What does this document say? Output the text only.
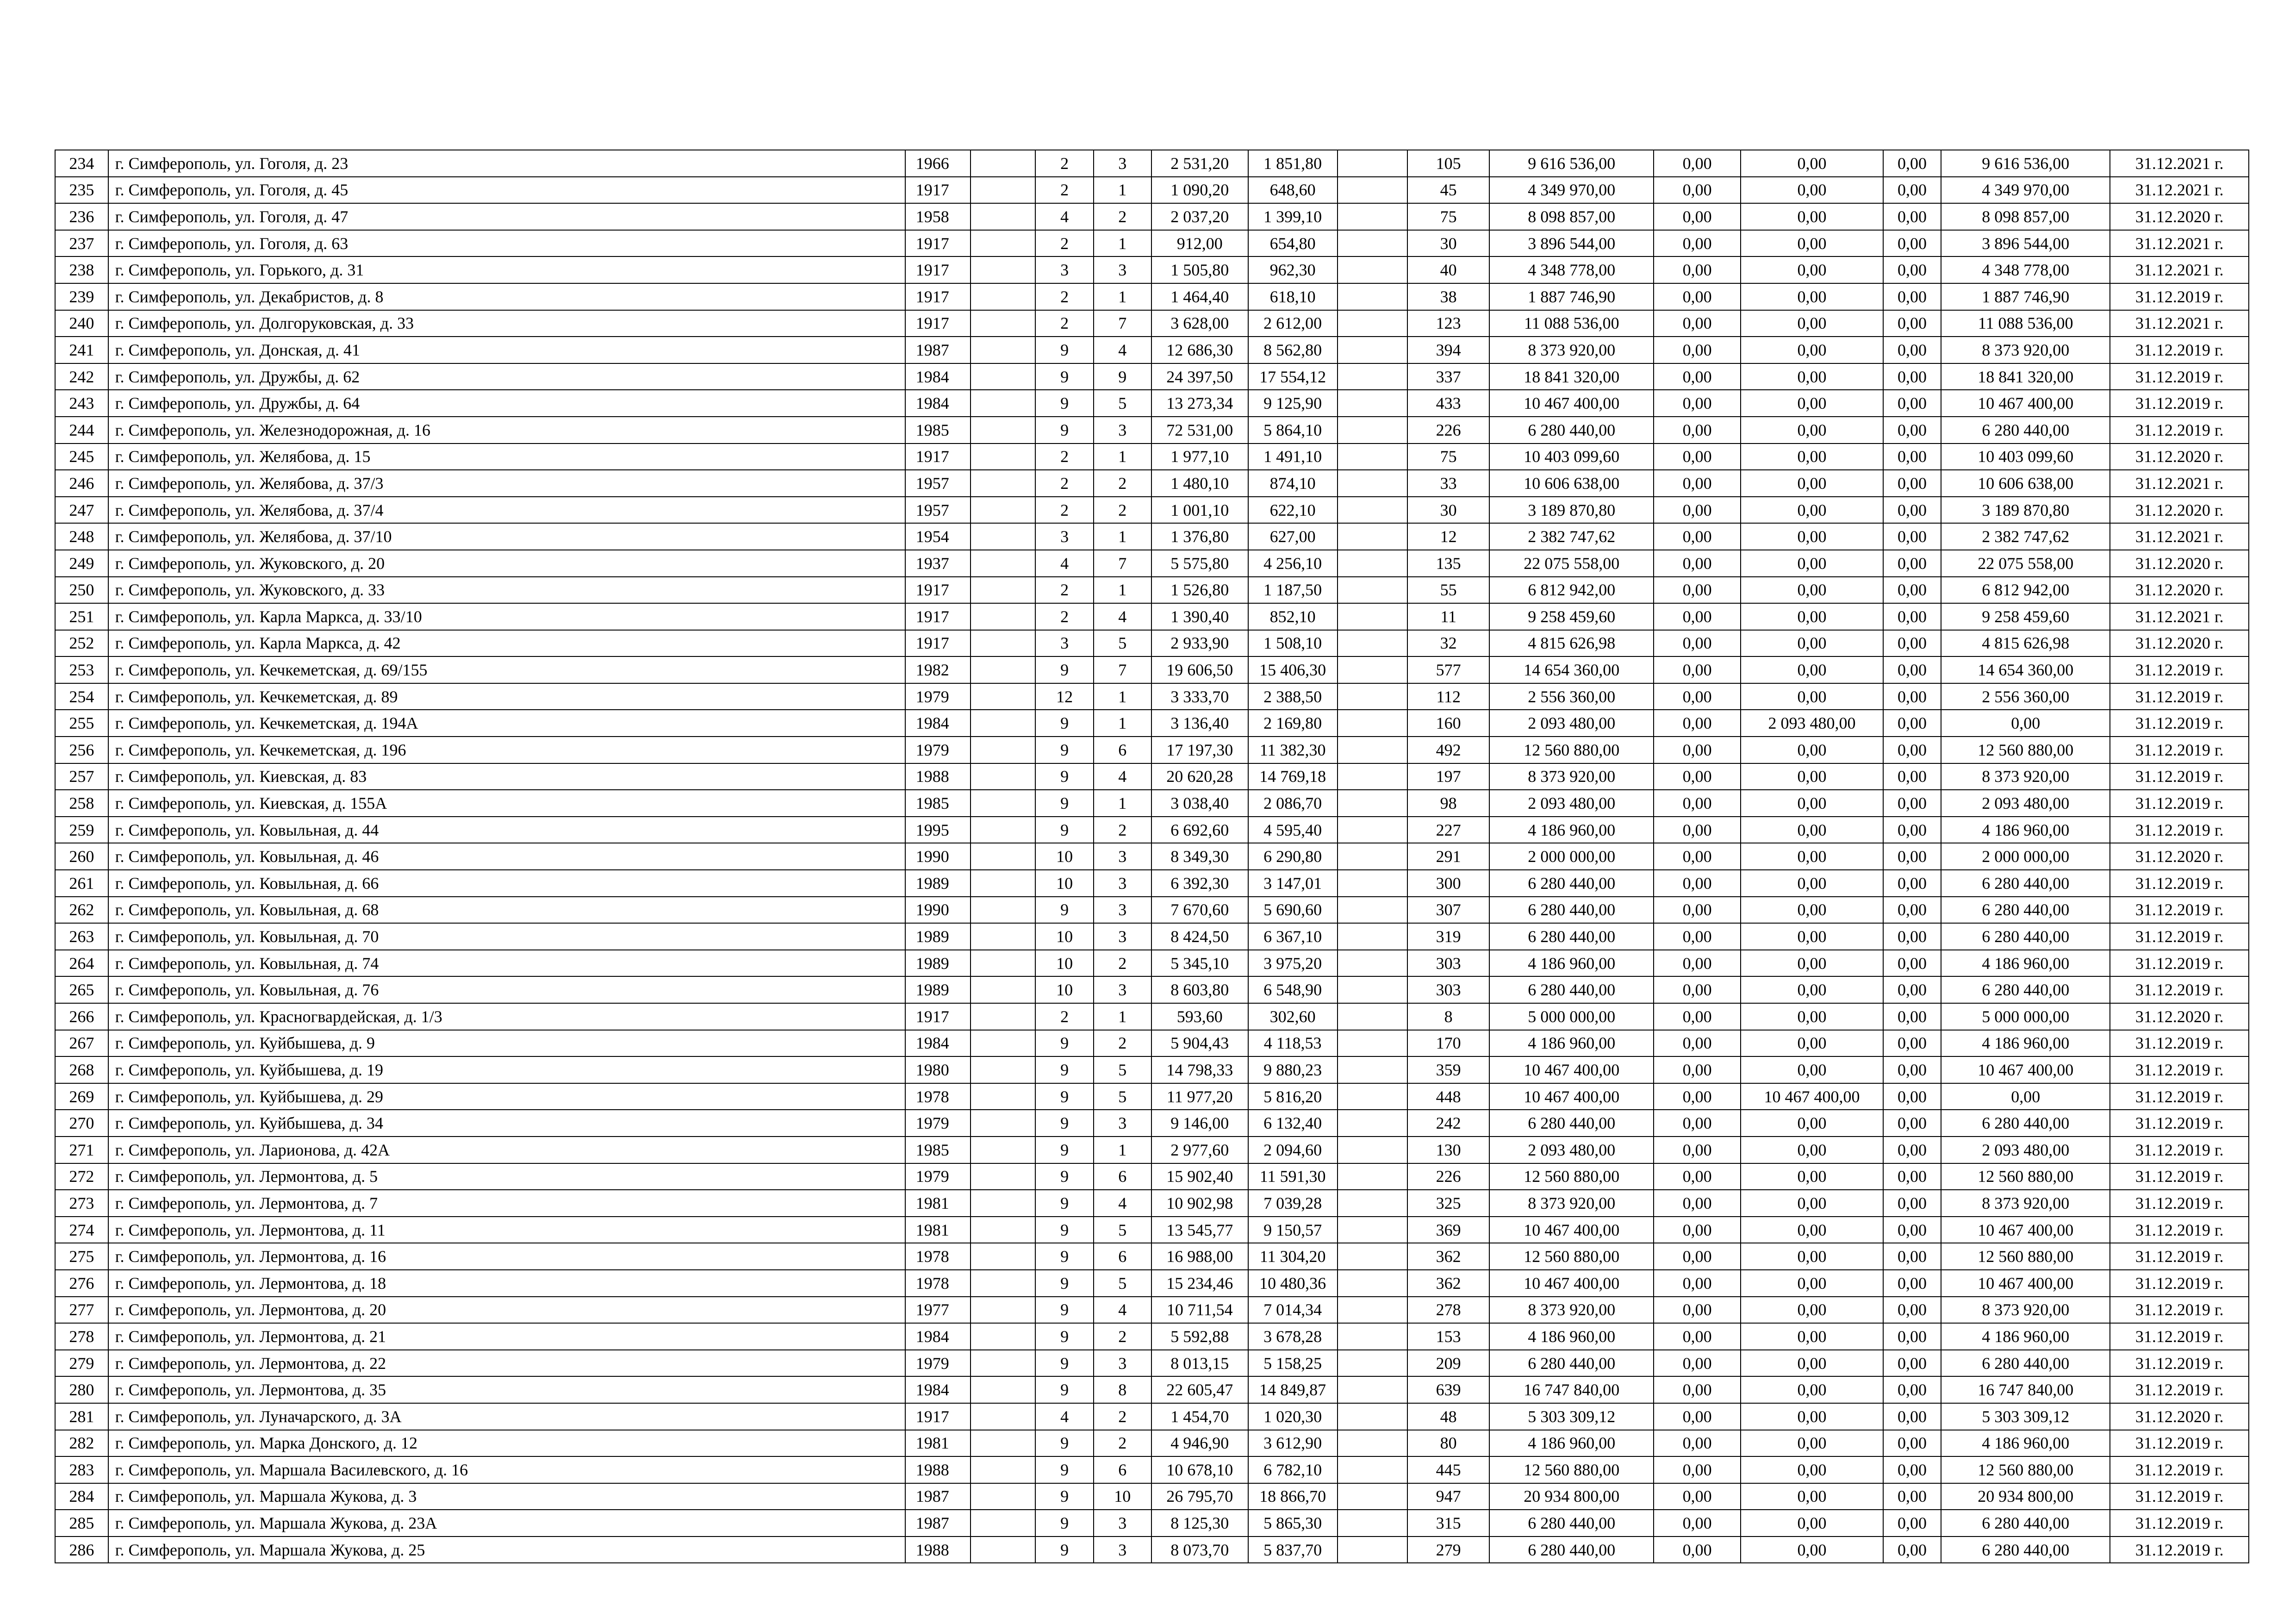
234	г. Симферополь, ул. Гоголя, д. 23	1966		2	3	2 531,20	1 851,80		105	9 616 536,00	0,00	0,00	0,00	9 616 536,00	31.12.2021 г.
235	г. Симферополь, ул. Гоголя, д. 45	1917		2	1	1 090,20	648,60		45	4 349 970,00	0,00	0,00	0,00	4 349 970,00	31.12.2021 г.
236	г. Симферополь, ул. Гоголя, д. 47	1958		4	2	2 037,20	1 399,10		75	8 098 857,00	0,00	0,00	0,00	8 098 857,00	31.12.2020 г.
237	г. Симферополь, ул. Гоголя, д. 63	1917		2	1	912,00	654,80		30	3 896 544,00	0,00	0,00	0,00	3 896 544,00	31.12.2021 г.
238	г. Симферополь, ул. Горького, д. 31	1917		3	3	1 505,80	962,30		40	4 348 778,00	0,00	0,00	0,00	4 348 778,00	31.12.2021 г.
239	г. Симферополь, ул. Декабристов, д. 8	1917		2	1	1 464,40	618,10		38	1 887 746,90	0,00	0,00	0,00	1 887 746,90	31.12.2019 г.
240	г. Симферополь, ул. Долгоруковская, д. 33	1917		2	7	3 628,00	2 612,00		123	11 088 536,00	0,00	0,00	0,00	11 088 536,00	31.12.2021 г.
241	г. Симферополь, ул. Донская, д. 41	1987		9	4	12 686,30	8 562,80		394	8 373 920,00	0,00	0,00	0,00	8 373 920,00	31.12.2019 г.
242	г. Симферополь, ул. Дружбы, д. 62	1984		9	9	24 397,50	17 554,12		337	18 841 320,00	0,00	0,00	0,00	18 841 320,00	31.12.2019 г.
243	г. Симферополь, ул. Дружбы, д. 64	1984		9	5	13 273,34	9 125,90		433	10 467 400,00	0,00	0,00	0,00	10 467 400,00	31.12.2019 г.
244	г. Симферополь, ул. Железнодорожная, д. 16	1985		9	3	72 531,00	5 864,10		226	6 280 440,00	0,00	0,00	0,00	6 280 440,00	31.12.2019 г.
245	г. Симферополь, ул. Желябова, д. 15	1917		2	1	1 977,10	1 491,10		75	10 403 099,60	0,00	0,00	0,00	10 403 099,60	31.12.2020 г.
246	г. Симферополь, ул. Желябова, д. 37/3	1957		2	2	1 480,10	874,10		33	10 606 638,00	0,00	0,00	0,00	10 606 638,00	31.12.2021 г.
247	г. Симферополь, ул. Желябова, д. 37/4	1957		2	2	1 001,10	622,10		30	3 189 870,80	0,00	0,00	0,00	3 189 870,80	31.12.2020 г.
248	г. Симферополь, ул. Желябова, д. 37/10	1954		3	1	1 376,80	627,00		12	2 382 747,62	0,00	0,00	0,00	2 382 747,62	31.12.2021 г.
249	г. Симферополь, ул. Жуковского, д. 20	1937		4	7	5 575,80	4 256,10		135	22 075 558,00	0,00	0,00	0,00	22 075 558,00	31.12.2020 г.
250	г. Симферополь, ул. Жуковского, д. 33	1917		2	1	1 526,80	1 187,50		55	6 812 942,00	0,00	0,00	0,00	6 812 942,00	31.12.2020 г.
251	г. Симферополь, ул. Карла Маркса, д. 33/10	1917		2	4	1 390,40	852,10		11	9 258 459,60	0,00	0,00	0,00	9 258 459,60	31.12.2021 г.
252	г. Симферополь, ул. Карла Маркса, д. 42	1917		3	5	2 933,90	1 508,10		32	4 815 626,98	0,00	0,00	0,00	4 815 626,98	31.12.2020 г.
253	г. Симферополь, ул. Кечкеметская, д. 69/155	1982		9	7	19 606,50	15 406,30		577	14 654 360,00	0,00	0,00	0,00	14 654 360,00	31.12.2019 г.
254	г. Симферополь, ул. Кечкеметская, д. 89	1979		12	1	3 333,70	2 388,50		112	2 556 360,00	0,00	0,00	0,00	2 556 360,00	31.12.2019 г.
255	г. Симферополь, ул. Кечкеметская, д. 194А	1984		9	1	3 136,40	2 169,80		160	2 093 480,00	0,00	2 093 480,00	0,00	0,00	31.12.2019 г.
256	г. Симферополь, ул. Кечкеметская, д. 196	1979		9	6	17 197,30	11 382,30		492	12 560 880,00	0,00	0,00	0,00	12 560 880,00	31.12.2019 г.
257	г. Симферополь, ул. Киевская, д. 83	1988		9	4	20 620,28	14 769,18		197	8 373 920,00	0,00	0,00	0,00	8 373 920,00	31.12.2019 г.
258	г. Симферополь, ул. Киевская, д. 155А	1985		9	1	3 038,40	2 086,70		98	2 093 480,00	0,00	0,00	0,00	2 093 480,00	31.12.2019 г.
259	г. Симферополь, ул. Ковыльная, д. 44	1995		9	2	6 692,60	4 595,40		227	4 186 960,00	0,00	0,00	0,00	4 186 960,00	31.12.2019 г.
260	г. Симферополь, ул. Ковыльная, д. 46	1990		10	3	8 349,30	6 290,80		291	2 000 000,00	0,00	0,00	0,00	2 000 000,00	31.12.2020 г.
261	г. Симферополь, ул. Ковыльная, д. 66	1989		10	3	6 392,30	3 147,01		300	6 280 440,00	0,00	0,00	0,00	6 280 440,00	31.12.2019 г.
262	г. Симферополь, ул. Ковыльная, д. 68	1990		9	3	7 670,60	5 690,60		307	6 280 440,00	0,00	0,00	0,00	6 280 440,00	31.12.2019 г.
263	г. Симферополь, ул. Ковыльная, д. 70	1989		10	3	8 424,50	6 367,10		319	6 280 440,00	0,00	0,00	0,00	6 280 440,00	31.12.2019 г.
264	г. Симферополь, ул. Ковыльная, д. 74	1989		10	2	5 345,10	3 975,20		303	4 186 960,00	0,00	0,00	0,00	4 186 960,00	31.12.2019 г.
265	г. Симферополь, ул. Ковыльная, д. 76	1989		10	3	8 603,80	6 548,90		303	6 280 440,00	0,00	0,00	0,00	6 280 440,00	31.12.2019 г.
266	г. Симферополь, ул. Красногвардейская, д. 1/3	1917		2	1	593,60	302,60		8	5 000 000,00	0,00	0,00	0,00	5 000 000,00	31.12.2020 г.
267	г. Симферополь, ул. Куйбышева, д. 9	1984		9	2	5 904,43	4 118,53		170	4 186 960,00	0,00	0,00	0,00	4 186 960,00	31.12.2019 г.
268	г. Симферополь, ул. Куйбышева, д. 19	1980		9	5	14 798,33	9 880,23		359	10 467 400,00	0,00	0,00	0,00	10 467 400,00	31.12.2019 г.
269	г. Симферополь, ул. Куйбышева, д. 29	1978		9	5	11 977,20	5 816,20		448	10 467 400,00	0,00	10 467 400,00	0,00	0,00	31.12.2019 г.
270	г. Симферополь, ул. Куйбышева, д. 34	1979		9	3	9 146,00	6 132,40		242	6 280 440,00	0,00	0,00	0,00	6 280 440,00	31.12.2019 г.
271	г. Симферополь, ул. Ларионова, д. 42А	1985		9	1	2 977,60	2 094,60		130	2 093 480,00	0,00	0,00	0,00	2 093 480,00	31.12.2019 г.
272	г. Симферополь, ул. Лермонтова, д. 5	1979		9	6	15 902,40	11 591,30		226	12 560 880,00	0,00	0,00	0,00	12 560 880,00	31.12.2019 г.
273	г. Симферополь, ул. Лермонтова, д. 7	1981		9	4	10 902,98	7 039,28		325	8 373 920,00	0,00	0,00	0,00	8 373 920,00	31.12.2019 г.
274	г. Симферополь, ул. Лермонтова, д. 11	1981		9	5	13 545,77	9 150,57		369	10 467 400,00	0,00	0,00	0,00	10 467 400,00	31.12.2019 г.
275	г. Симферополь, ул. Лермонтова, д. 16	1978		9	6	16 988,00	11 304,20		362	12 560 880,00	0,00	0,00	0,00	12 560 880,00	31.12.2019 г.
276	г. Симферополь, ул. Лермонтова, д. 18	1978		9	5	15 234,46	10 480,36		362	10 467 400,00	0,00	0,00	0,00	10 467 400,00	31.12.2019 г.
277	г. Симферополь, ул. Лермонтова, д. 20	1977		9	4	10 711,54	7 014,34		278	8 373 920,00	0,00	0,00	0,00	8 373 920,00	31.12.2019 г.
278	г. Симферополь, ул. Лермонтова, д. 21	1984		9	2	5 592,88	3 678,28		153	4 186 960,00	0,00	0,00	0,00	4 186 960,00	31.12.2019 г.
279	г. Симферополь, ул. Лермонтова, д. 22	1979		9	3	8 013,15	5 158,25		209	6 280 440,00	0,00	0,00	0,00	6 280 440,00	31.12.2019 г.
280	г. Симферополь, ул. Лермонтова, д. 35	1984		9	8	22 605,47	14 849,87		639	16 747 840,00	0,00	0,00	0,00	16 747 840,00	31.12.2019 г.
281	г. Симферополь, ул. Луначарского, д. 3А	1917		4	2	1 454,70	1 020,30		48	5 303 309,12	0,00	0,00	0,00	5 303 309,12	31.12.2020 г.
282	г. Симферополь, ул. Марка Донского, д. 12	1981		9	2	4 946,90	3 612,90		80	4 186 960,00	0,00	0,00	0,00	4 186 960,00	31.12.2019 г.
283	г. Симферополь, ул. Маршала Василевского, д. 16	1988		9	6	10 678,10	6 782,10		445	12 560 880,00	0,00	0,00	0,00	12 560 880,00	31.12.2019 г.
284	г. Симферополь, ул. Маршала Жукова, д. 3	1987		9	10	26 795,70	18 866,70		947	20 934 800,00	0,00	0,00	0,00	20 934 800,00	31.12.2019 г.
285	г. Симферополь, ул. Маршала Жукова, д. 23А	1987		9	3	8 125,30	5 865,30		315	6 280 440,00	0,00	0,00	0,00	6 280 440,00	31.12.2019 г.
286	г. Симферополь, ул. Маршала Жукова, д. 25	1988		9	3	8 073,70	5 837,70		279	6 280 440,00	0,00	0,00	0,00	6 280 440,00	31.12.2019 г.
